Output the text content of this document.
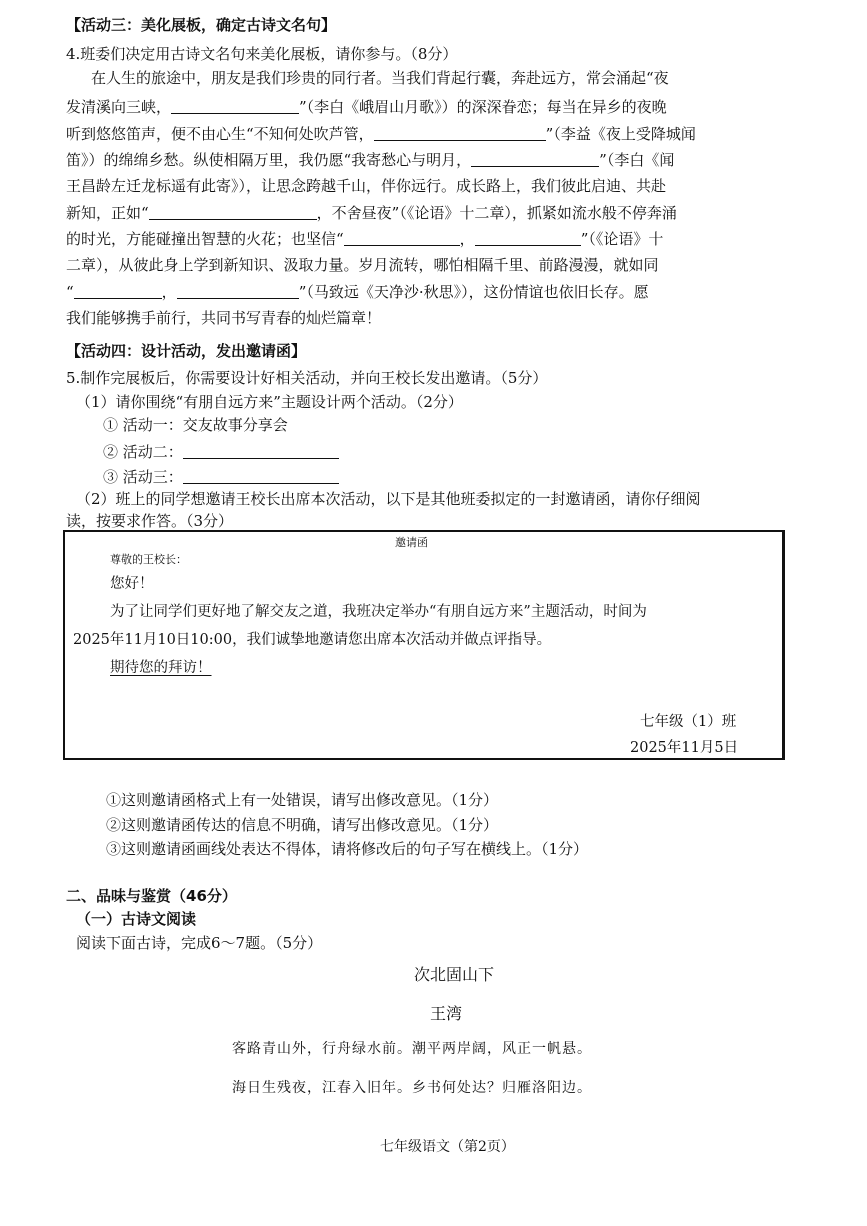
【活动三：美化展板，确定古诗文名句】
4.班委们决定用古诗文名句来美化展板，请你参与。（8分）
在人生的旅途中，朋友是我们珍贵的同行者。当我们背起行囊，奔赴远方，常会涌起“夜
发清溪向三峡，	”（李白《峨眉山月歌》）的深深眷恋；每当在异乡的夜晚
听到悠悠笛声，便不由心生“不知何处吹芦管，	”（李益《夜上受降城闻
笛》）的绵绵乡愁。纵使相隔万里，我仍愿“我寄愁心与明月，	”（李白《闻
王昌龄左迁龙标遥有此寄》），让思念跨越千山，伴你远行。成长路上，我们彼此启迪、共赴
新知，正如“	，不舍昼夜”（《论语》十二章），抓紧如流水般不停奔涌
的时光，方能碰撞出智慧的火花；也坚信“	，	”（《论语》十
二章），从彼此身上学到新知识、汲取力量。岁月流转，哪怕相隔千里、前路漫漫，就如同
“	，	”（马致远《天净沙·秋思》），这份情谊也依旧长存。愿
我们能够携手前行，共同书写青春的灿烂篇章！
【活动四：设计活动，发出邀请函】
5.制作完展板后，你需要设计好相关活动，并向王校长发出邀请。（5分）
（1）请你围绕“有朋自远方来”主题设计两个活动。（2分）
① 活动一：交友故事分享会
② 活动二：
③ 活动三：
（2）班上的同学想邀请王校长出席本次活动，以下是其他班委拟定的一封邀请函，请你仔细阅
读，按要求作答。（3分）
邀请函
尊敬的王校长：
您好！
为了让同学们更好地了解交友之道，我班决定举办“有朋自远方来”主题活动，时间为
2025年11月10日10:00，我们诚挚地邀请您出席本次活动并做点评指导。
期待您的拜访！
七年级（1）班
2025年11月5日
①这则邀请函格式上有一处错误，请写出修改意见。（1分）
②这则邀请函传达的信息不明确，请写出修改意见。（1分）
③这则邀请函画线处表达不得体，请将修改后的句子写在横线上。（1分）
二、品味与鉴赏（46分）
（一）古诗文阅读
阅读下面古诗，完成6～7题。（5分）
次北固山下
王湾
客路青山外，行舟绿水前。潮平两岸阔，风正一帆悬。
海日生残夜，江春入旧年。乡书何处达？归雁洛阳边。
七年级语文（第2页）
